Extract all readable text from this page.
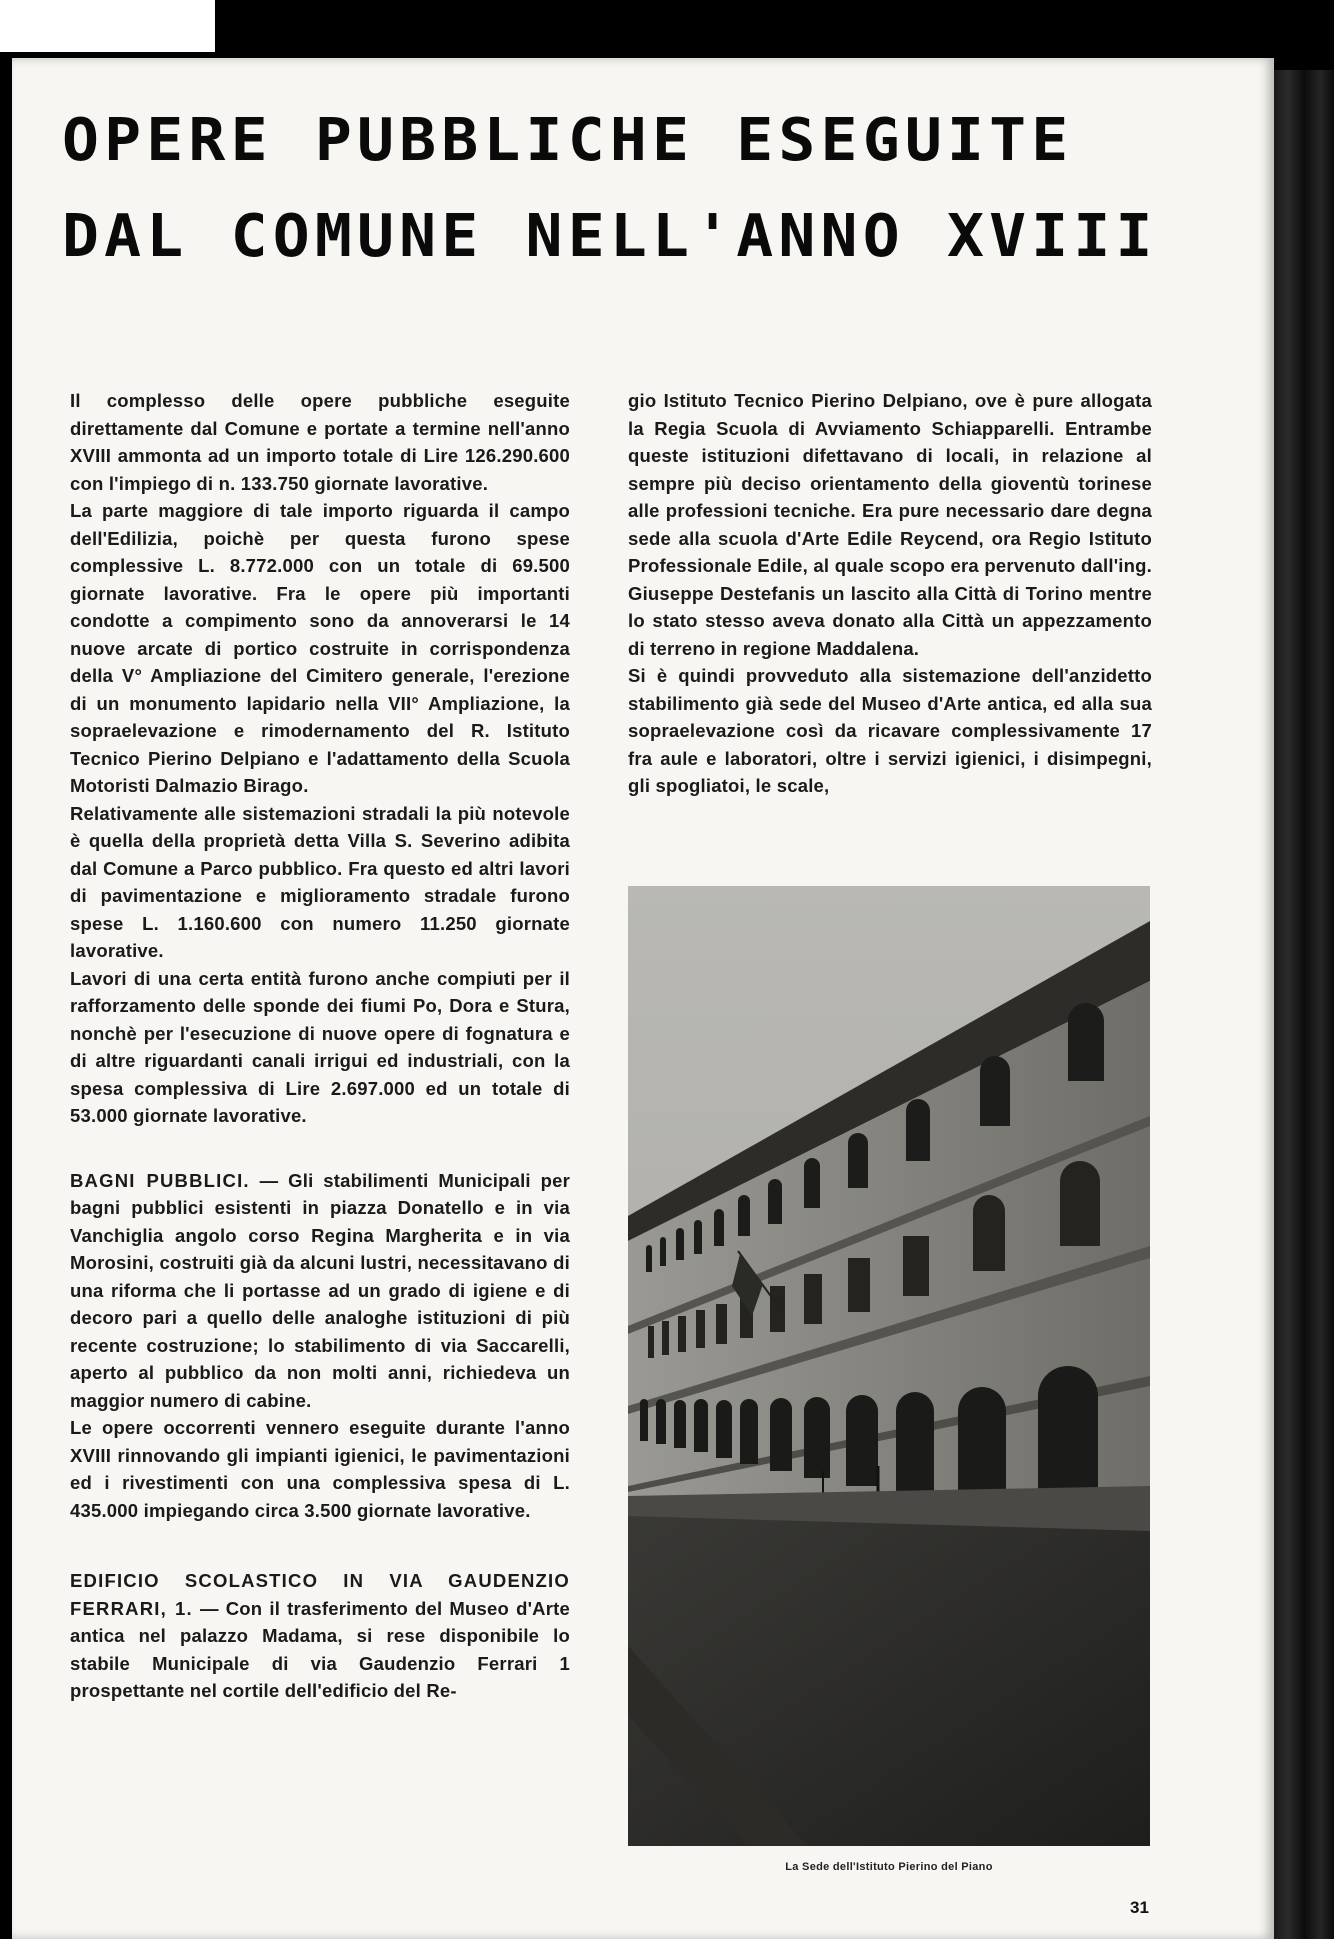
OPERE PUBBLICHE ESEGUITE
DAL COMUNE NELL'ANNO XVIII

Il complesso delle opere pubbliche eseguite direttamente dal Comune e portate a termine nell'anno XVIII ammonta ad un importo totale di Lire 126.290.600 con l'impiego di n. 133.750 giornate lavorative.

La parte maggiore di tale importo riguarda il campo dell'Edilizia, poichè per questa furono spese complessive L. 8.772.000 con un totale di 69.500 giornate lavorative. Fra le opere più importanti condotte a compimento sono da annoverarsi le 14 nuove arcate di portico costruite in corrispondenza della V° Ampliazione del Cimitero generale, l'erezione di un monumento lapidario nella VII° Ampliazione, la sopraelevazione e rimodernamento del R. Istituto Tecnico Pierino Delpiano e l'adattamento della Scuola Motoristi Dalmazio Birago.

Relativamente alle sistemazioni stradali la più notevole è quella della proprietà detta Villa S. Severino adibita dal Comune a Parco pubblico. Fra questo ed altri lavori di pavimentazione e miglioramento stradale furono spese L. 1.160.600 con numero 11.250 giornate lavorative.

Lavori di una certa entità furono anche compiuti per il rafforzamento delle sponde dei fiumi Po, Dora e Stura, nonchè per l'esecuzione di nuove opere di fognatura e di altre riguardanti canali irrigui ed industriali, con la spesa complessiva di Lire 2.697.000 ed un totale di 53.000 giornate lavorative.

BAGNI PUBBLICI. — Gli stabilimenti Municipali per bagni pubblici esistenti in piazza Donatello e in via Vanchiglia angolo corso Regina Margherita e in via Morosini, costruiti già da alcuni lustri, necessitavano di una riforma che li portasse ad un grado di igiene e di decoro pari a quello delle analoghe istituzioni di più recente costruzione; lo stabilimento di via Saccarelli, aperto al pubblico da non molti anni, richiedeva un maggior numero di cabine.

Le opere occorrenti vennero eseguite durante l'anno XVIII rinnovando gli impianti igienici, le pavimentazioni ed i rivestimenti con una complessiva spesa di L. 435.000 impiegando circa 3.500 giornate lavorative.

EDIFICIO SCOLASTICO IN VIA GAUDENZIO FERRARI, 1. — Con il trasferimento del Museo d'Arte antica nel palazzo Madama, si rese disponibile lo stabile Municipale di via Gaudenzio Ferrari 1 prospettante nel cortile dell'edificio del Re-

gio Istituto Tecnico Pierino Delpiano, ove è pure allogata la Regia Scuola di Avviamento Schiapparelli. Entrambe queste istituzioni difettavano di locali, in relazione al sempre più deciso orientamento della gioventù torinese alle professioni tecniche. Era pure necessario dare degna sede alla scuola d'Arte Edile Reycend, ora Regio Istituto Professionale Edile, al quale scopo era pervenuto dall'ing. Giuseppe Destefanis un lascito alla Città di Torino mentre lo stato stesso aveva donato alla Città un appezzamento di terreno in regione Maddalena.

Si è quindi provveduto alla sistemazione dell'anzidetto stabilimento già sede del Museo d'Arte antica, ed alla sua sopraelevazione così da ricavare complessivamente 17 fra aule e laboratori, oltre i servizi igienici, i disimpegni, gli spogliatoi, le scale,

La Sede dell'Istituto Pierino del Piano
31
